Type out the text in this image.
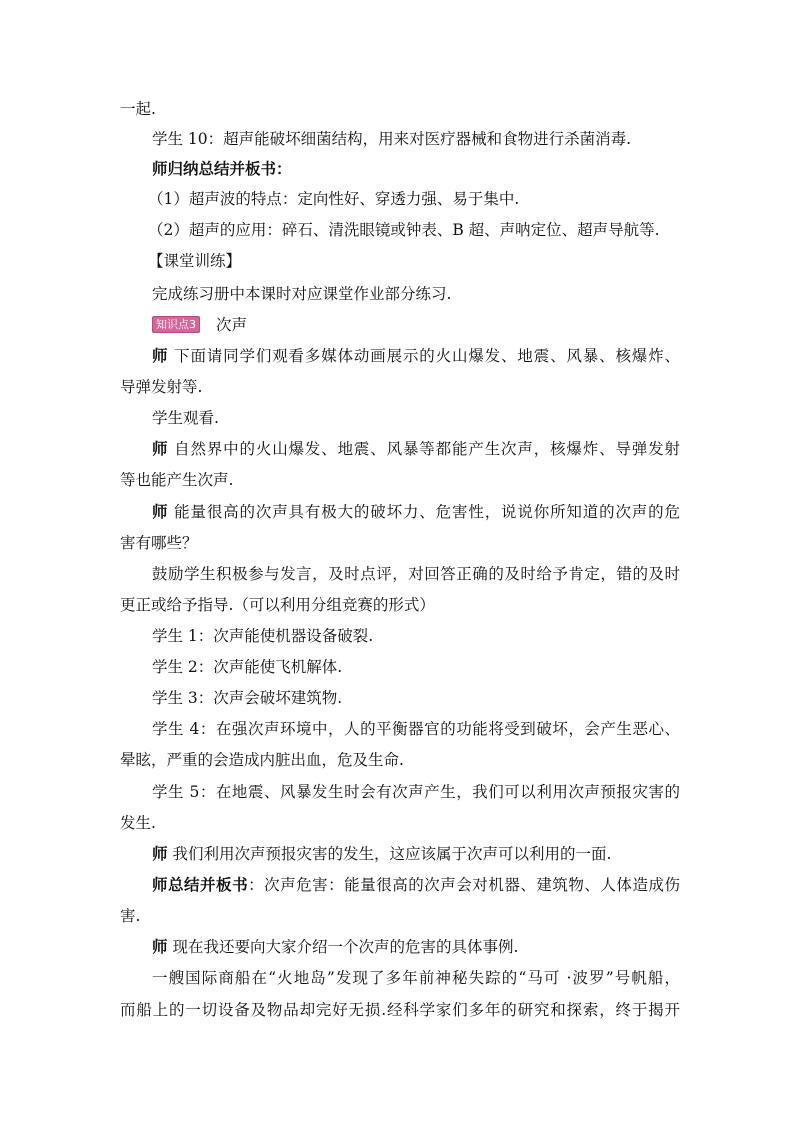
一起.
学生 10：超声能破坏细菌结构，用来对医疗器械和食物进行杀菌消毒.
师归纳总结并板书：
（1）超声波的特点：定向性好、穿透力强、易于集中.
（2）超声的应用：碎石、清洗眼镜或钟表、B 超、声呐定位、超声导航等.
【课堂训练】
完成练习册中本课时对应课堂作业部分练习.
知识点3 次声
师 下面请同学们观看多媒体动画展示的火山爆发、地震、风暴、核爆炸、
导弹发射等.
学生观看.
师 自然界中的火山爆发、地震、风暴等都能产生次声，核爆炸、导弹发射
等也能产生次声.
师 能量很高的次声具有极大的破坏力、危害性，说说你所知道的次声的危
害有哪些？
鼓励学生积极参与发言，及时点评，对回答正确的及时给予肯定，错的及时
更正或给予指导.（可以利用分组竞赛的形式）
学生 1：次声能使机器设备破裂.
学生 2：次声能使飞机解体.
学生 3：次声会破坏建筑物.
学生 4：在强次声环境中，人的平衡器官的功能将受到破坏，会产生恶心、
晕眩，严重的会造成内脏出血，危及生命.
学生 5：在地震、风暴发生时会有次声产生，我们可以利用次声预报灾害的
发生.
师 我们利用次声预报灾害的发生，这应该属于次声可以利用的一面.
师总结并板书：次声危害：能量很高的次声会对机器、建筑物、人体造成伤
害.
师 现在我还要向大家介绍一个次声的危害的具体事例.
一艘国际商船在“火地岛”发现了多年前神秘失踪的“马可 ·波罗”号帆船，
而船上的一切设备及物品却完好无损.经科学家们多年的研究和探索，终于揭开
